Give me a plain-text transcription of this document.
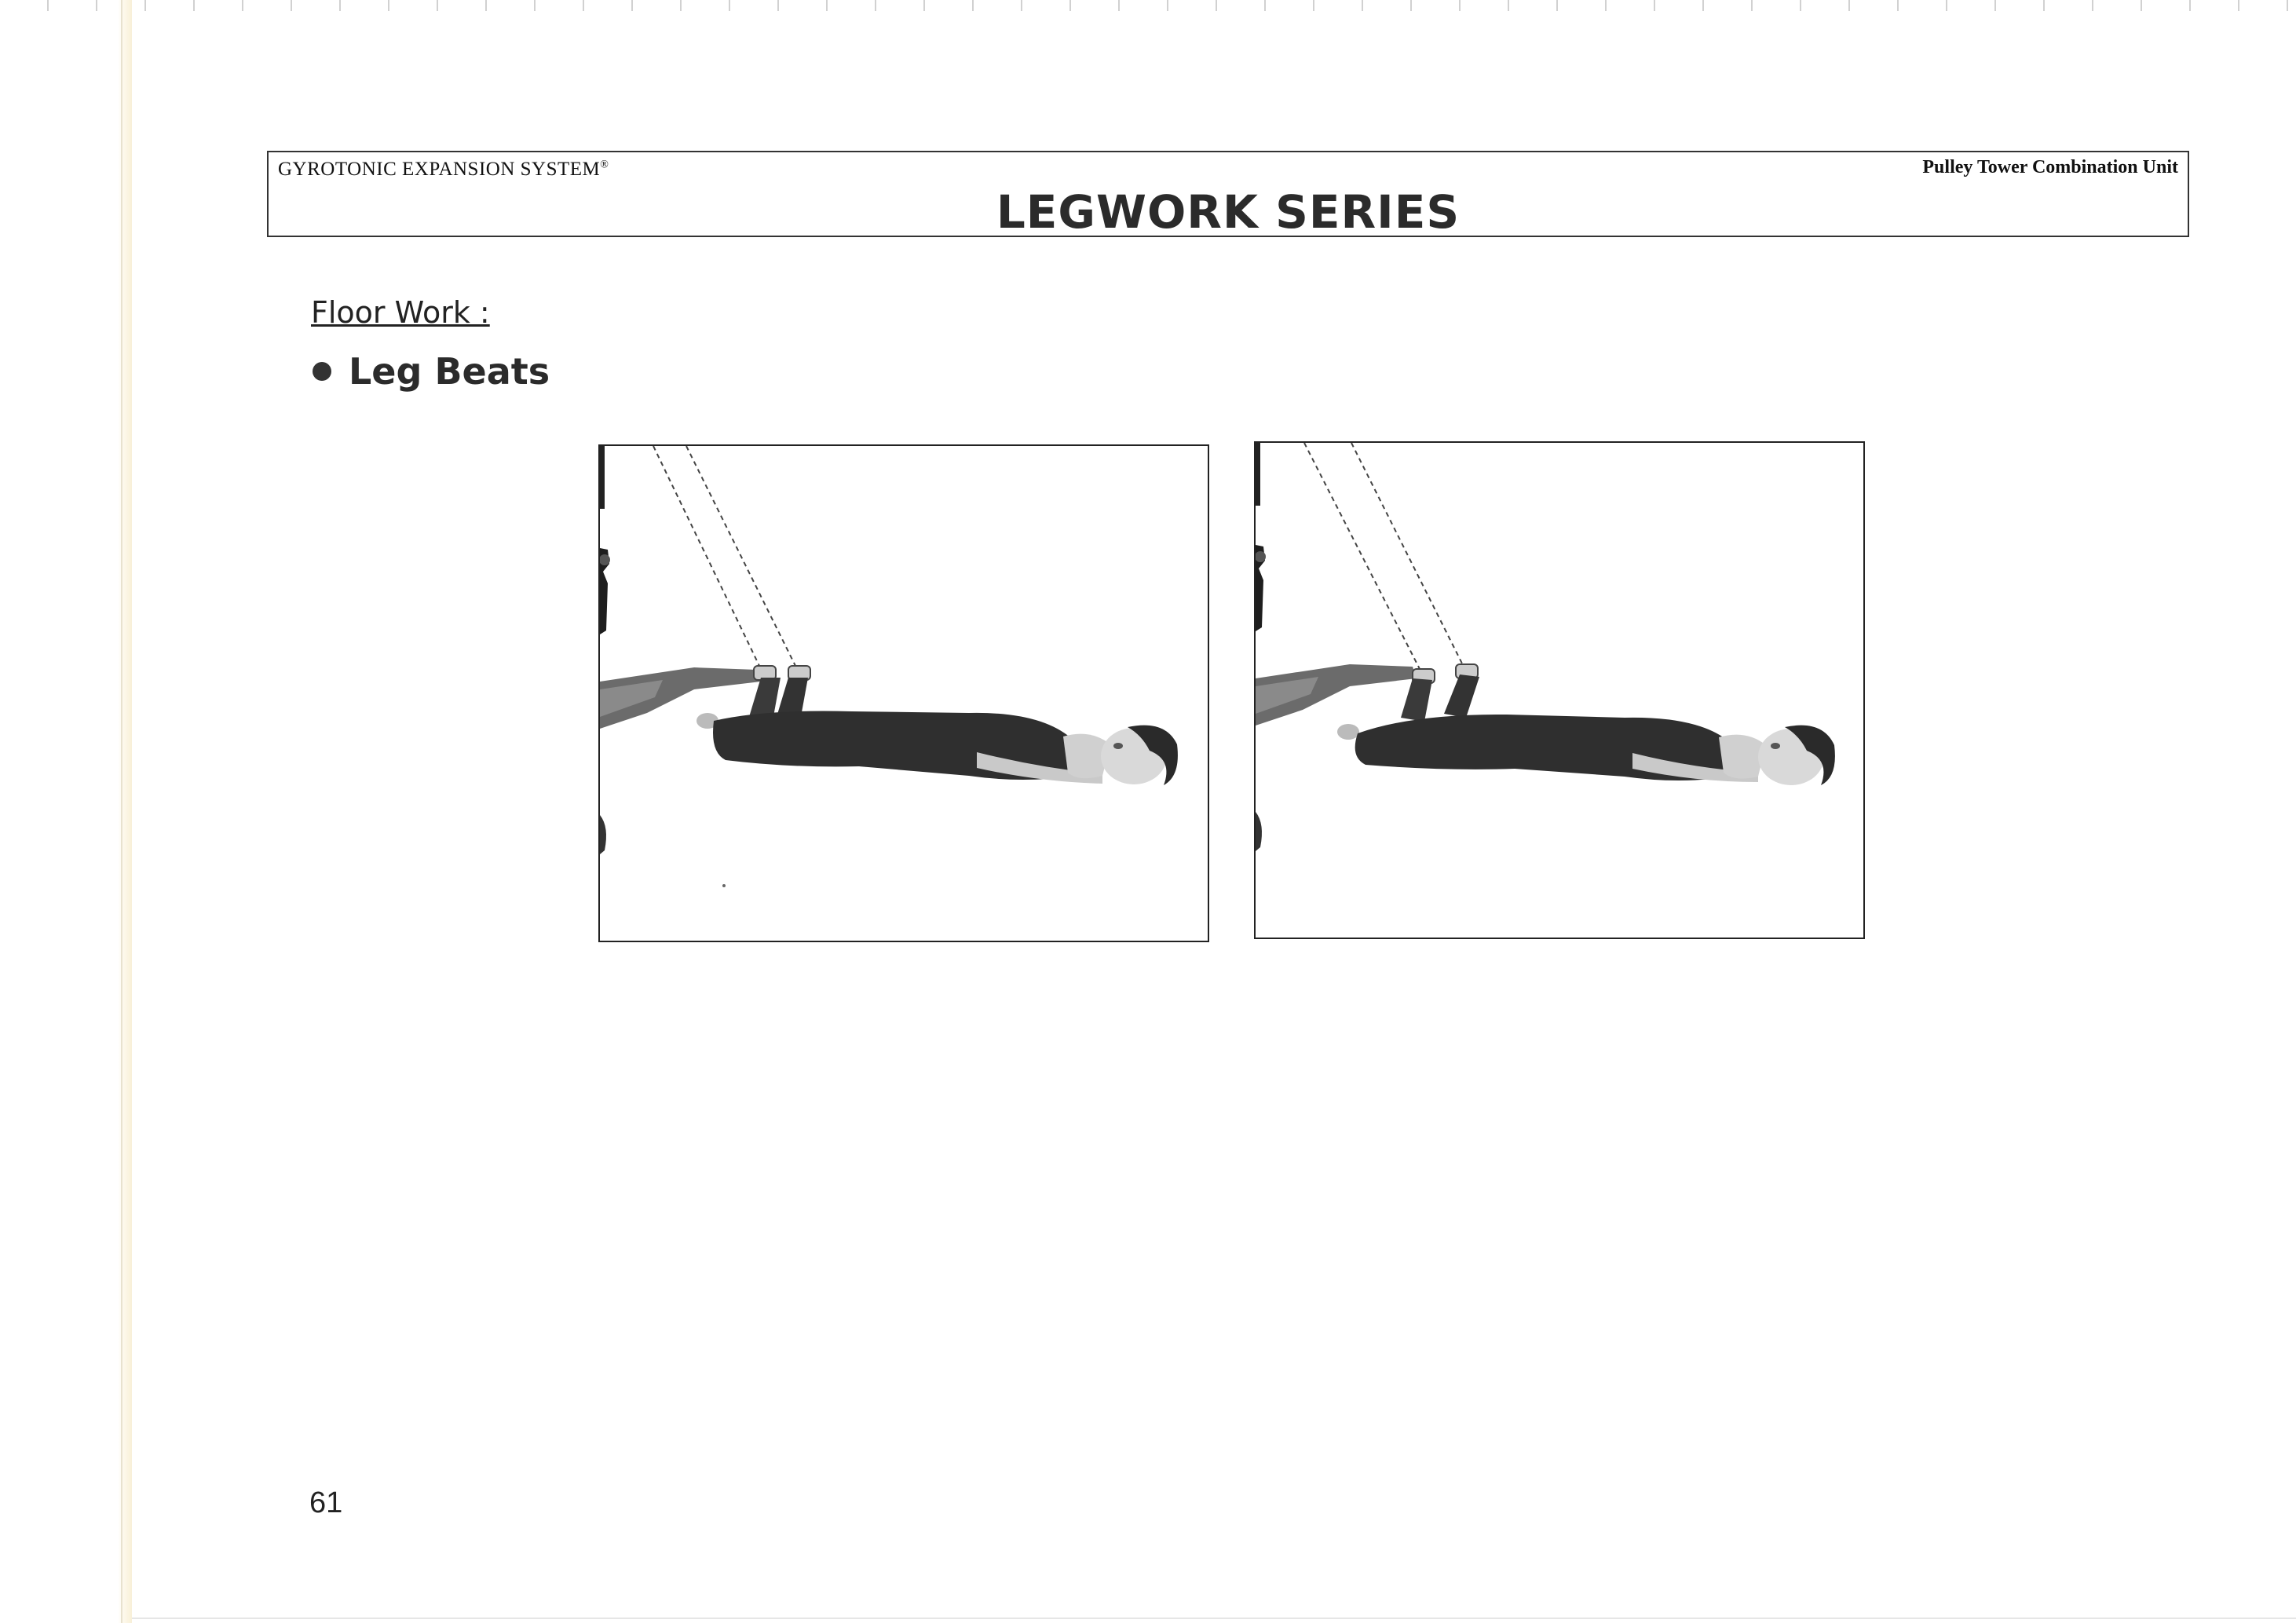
GYROTONIC EXPANSION SYSTEM®	Pulley Tower Combination Unit
LEGWORK SERIES
Floor Work :
Leg Beats
61
